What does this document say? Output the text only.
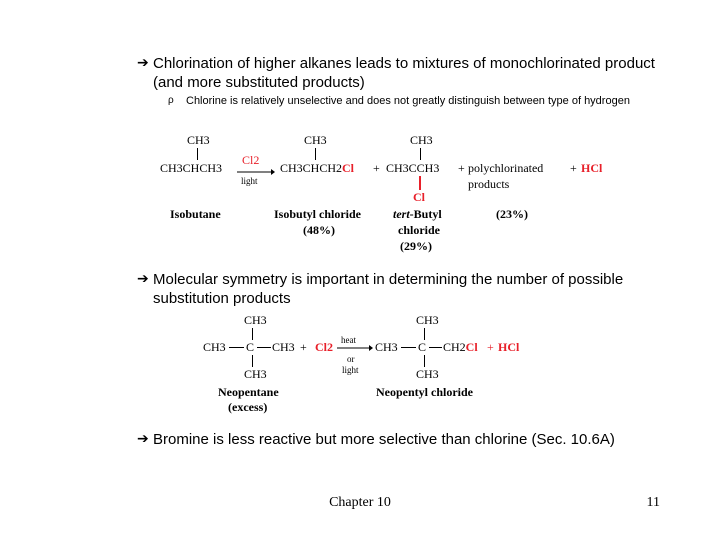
➔ Chlorination of higher alkanes leads to mixtures of monochlorinated product (and more substituted products)
ρ	Chlorine is relatively unselective and does not greatly distinguish between type of hydrogen
CH3
CH3CHCH3
Cl2
light
CH3
CH3CHCH2Cl +
CH3
CH3CCH3
Cl
+ polychlorinated
products
+ HCl
Isobutane	Isobutyl chloride
(48%)
tert-Butyl
chloride
(29%)
(23%)
➔ Molecular symmetry is important in determining the number of possible substitution products
CH3
CH3 C CH3
CH3
+ Cl2 heat
or
light
CH3
CH3 C CH2Cl + HCl
CH3
Neopentane
(excess)
Neopentyl chloride
➔ Bromine is less reactive but more selective than chlorine (Sec. 10.6A)
Chapter 10	11
